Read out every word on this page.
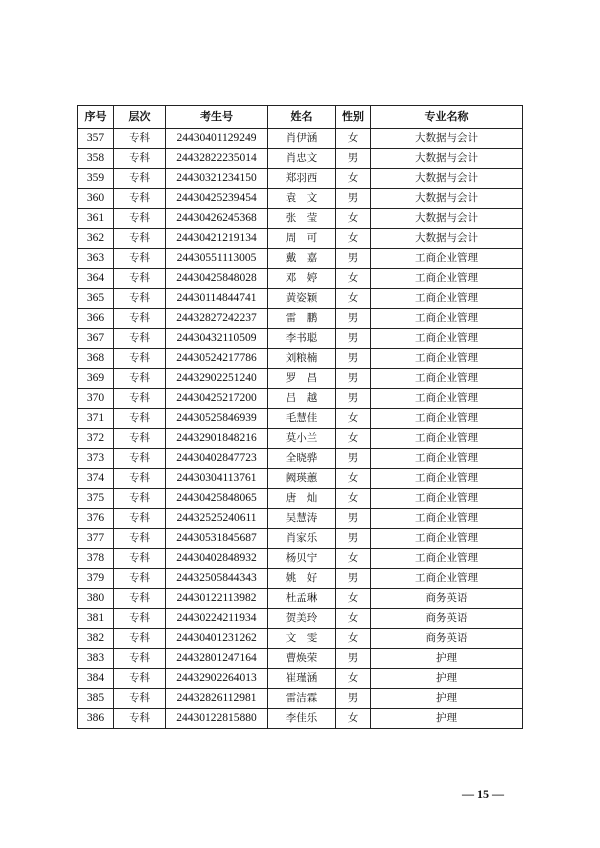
序号	层次	考生号	姓名	性别	专业名称
357	专科	24430401129249	肖伊涵	女	大数据与会计
358	专科	24432822235014	肖忠文	男	大数据与会计
359	专科	24430321234150	郑羽西	女	大数据与会计
360	专科	24430425239454	袁　文	男	大数据与会计
361	专科	24430426245368	张　莹	女	大数据与会计
362	专科	24430421219134	周　可	女	大数据与会计
363	专科	24430551113005	戴　嘉	男	工商企业管理
364	专科	24430425848028	邓　婷	女	工商企业管理
365	专科	24430114844741	黄姿颖	女	工商企业管理
366	专科	24432827242237	雷　鹏	男	工商企业管理
367	专科	24430432110509	李书聪	男	工商企业管理
368	专科	24430524217786	刘粮楠	男	工商企业管理
369	专科	24432902251240	罗　昌	男	工商企业管理
370	专科	24430425217200	吕　越	男	工商企业管理
371	专科	24430525846939	毛慧佳	女	工商企业管理
372	专科	24432901848216	莫小兰	女	工商企业管理
373	专科	24430402847723	全晓骅	男	工商企业管理
374	专科	24430304113761	阙瑛蕙	女	工商企业管理
375	专科	24430425848065	唐　灿	女	工商企业管理
376	专科	24432525240611	吴慧涛	男	工商企业管理
377	专科	24430531845687	肖家乐	男	工商企业管理
378	专科	24430402848932	杨贝宁	女	工商企业管理
379	专科	24432505844343	姚　好	男	工商企业管理
380	专科	24430122113982	杜孟琳	女	商务英语
381	专科	24430224211934	贺美玲	女	商务英语
382	专科	24430401231262	文　雯	女	商务英语
383	专科	24432801247164	曹焕荣	男	护理
384	专科	24432902264013	崔瑾涵	女	护理
385	专科	24432826112981	雷洁霖	男	护理
386	专科	24430122815880	李佳乐	女	护理
— 15 —
